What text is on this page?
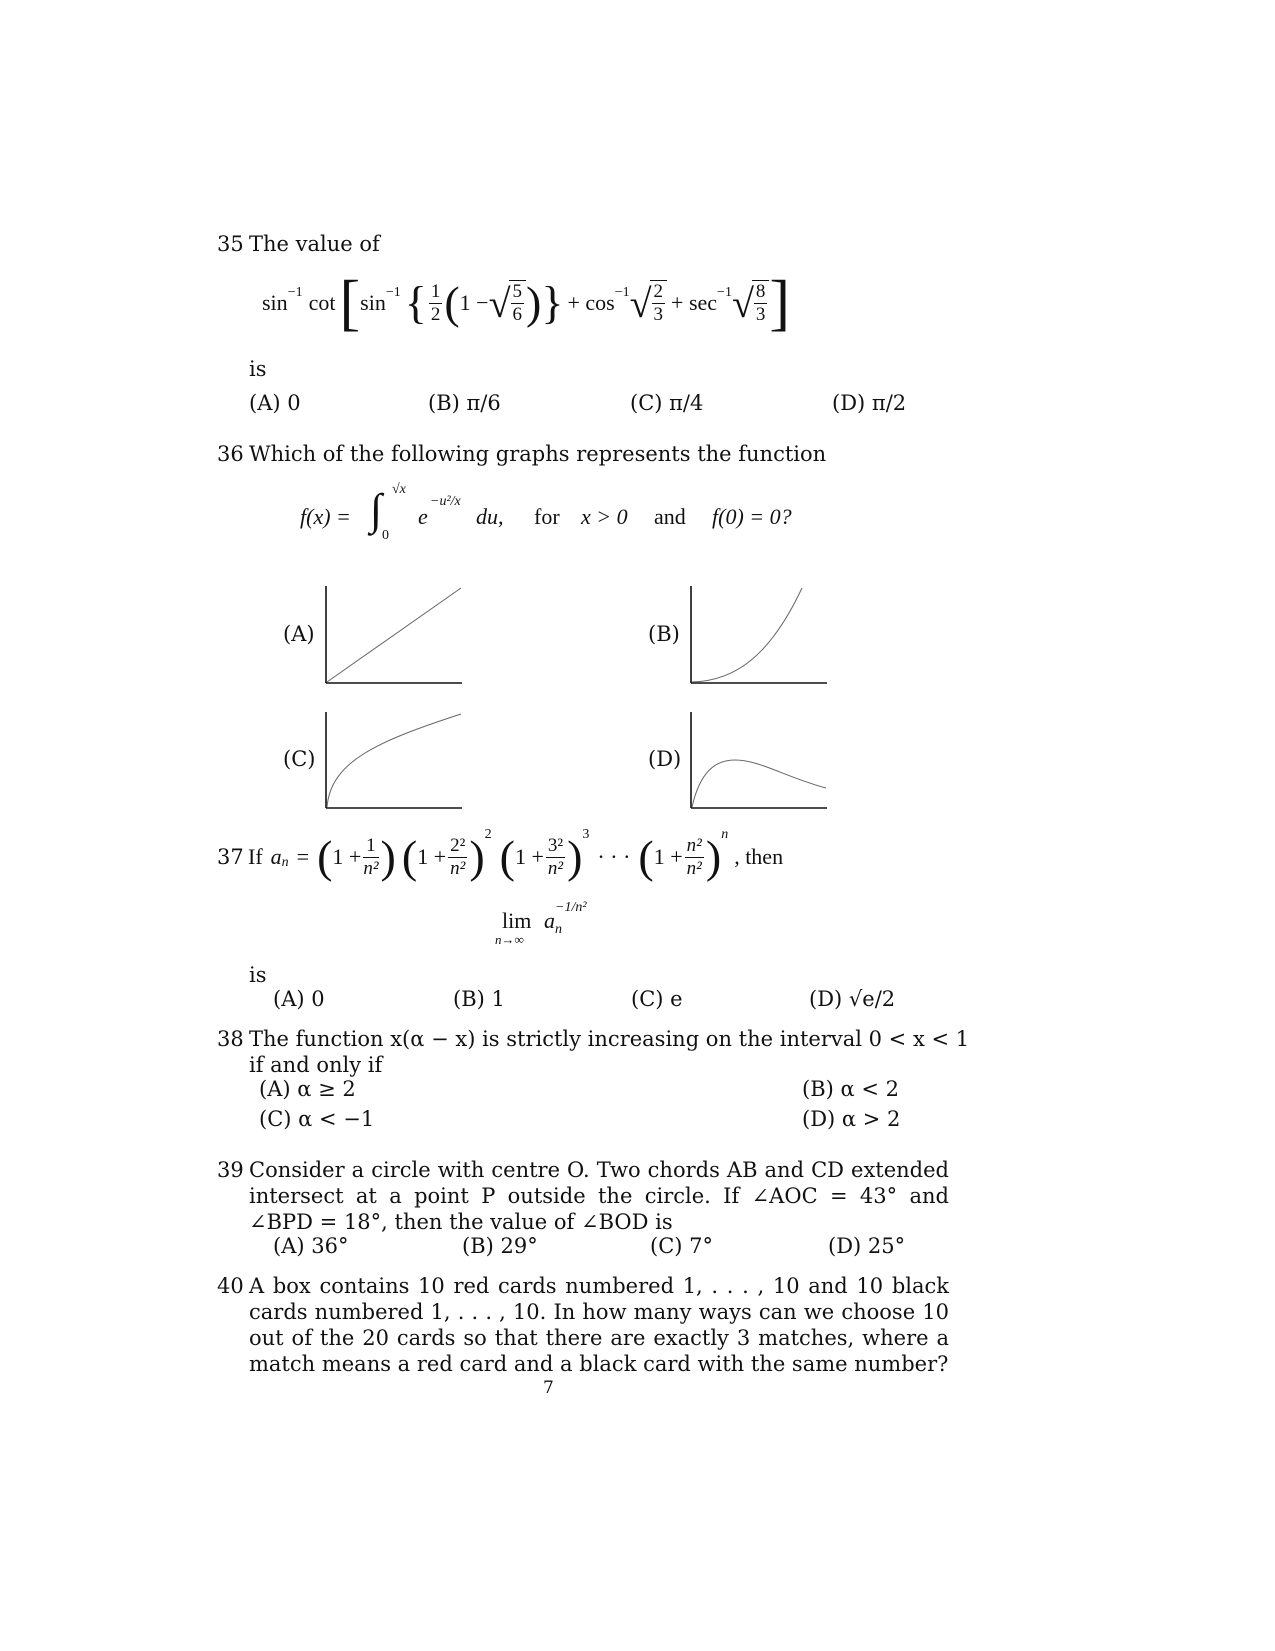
35 The value of
sin −1 cot [ sin −1 { $\frac{1}{2}$ ( 1 − √ $\frac{5}{6}$ ) } + cos −1 √ $\frac{2}{3} + \sec -1$ √ $\frac{8}{3}$ ]
is
(A) 0	(B) π/6	(C) π/4	(D) π/2
36 Which of the following graphs represents the function
f(x) = ∫ √x
0
e
−u²/x
du, for x > 0 and f(0) = 0?
(A)	(B)
(C)	(D)
37 If a n = ( $1 + \frac{1}{\text{n²}}$ ) ( $1 + \frac{\text{2²}}{\text{n²}}$ ) 2 ( $1 + \frac{\text{3²}}{\text{n²}}$ ) 3
· · · ( $1 + \frac{\text{n²}}{\text{n²}}$ ) n
, then
lim
n→∞
a n
−1/n²
is
(A) 0	(B) 1	(C) e	(D) √e/2
38 The function x(α − x) is strictly increasing on the interval 0 < x < 1
if and only if
(A) α ≥ 2	(B) α < 2
(C) α < −1	(D) α > 2
39 Consider a circle with centre O. Two chords AB and CD extended intersect at a point P outside the circle. If ∠AOC = 43° and ∠BPD = 18°, then the value of ∠BOD is
(A) 36°	(B) 29°	(C) 7°	(D) 25°
40 A box contains 10 red cards numbered 1, . . . , 10 and 10 black cards numbered 1, . . . , 10. In how many ways can we choose 10 out of the 20 cards so that there are exactly 3 matches, where a match means a red card and a black card with the same number?
7
